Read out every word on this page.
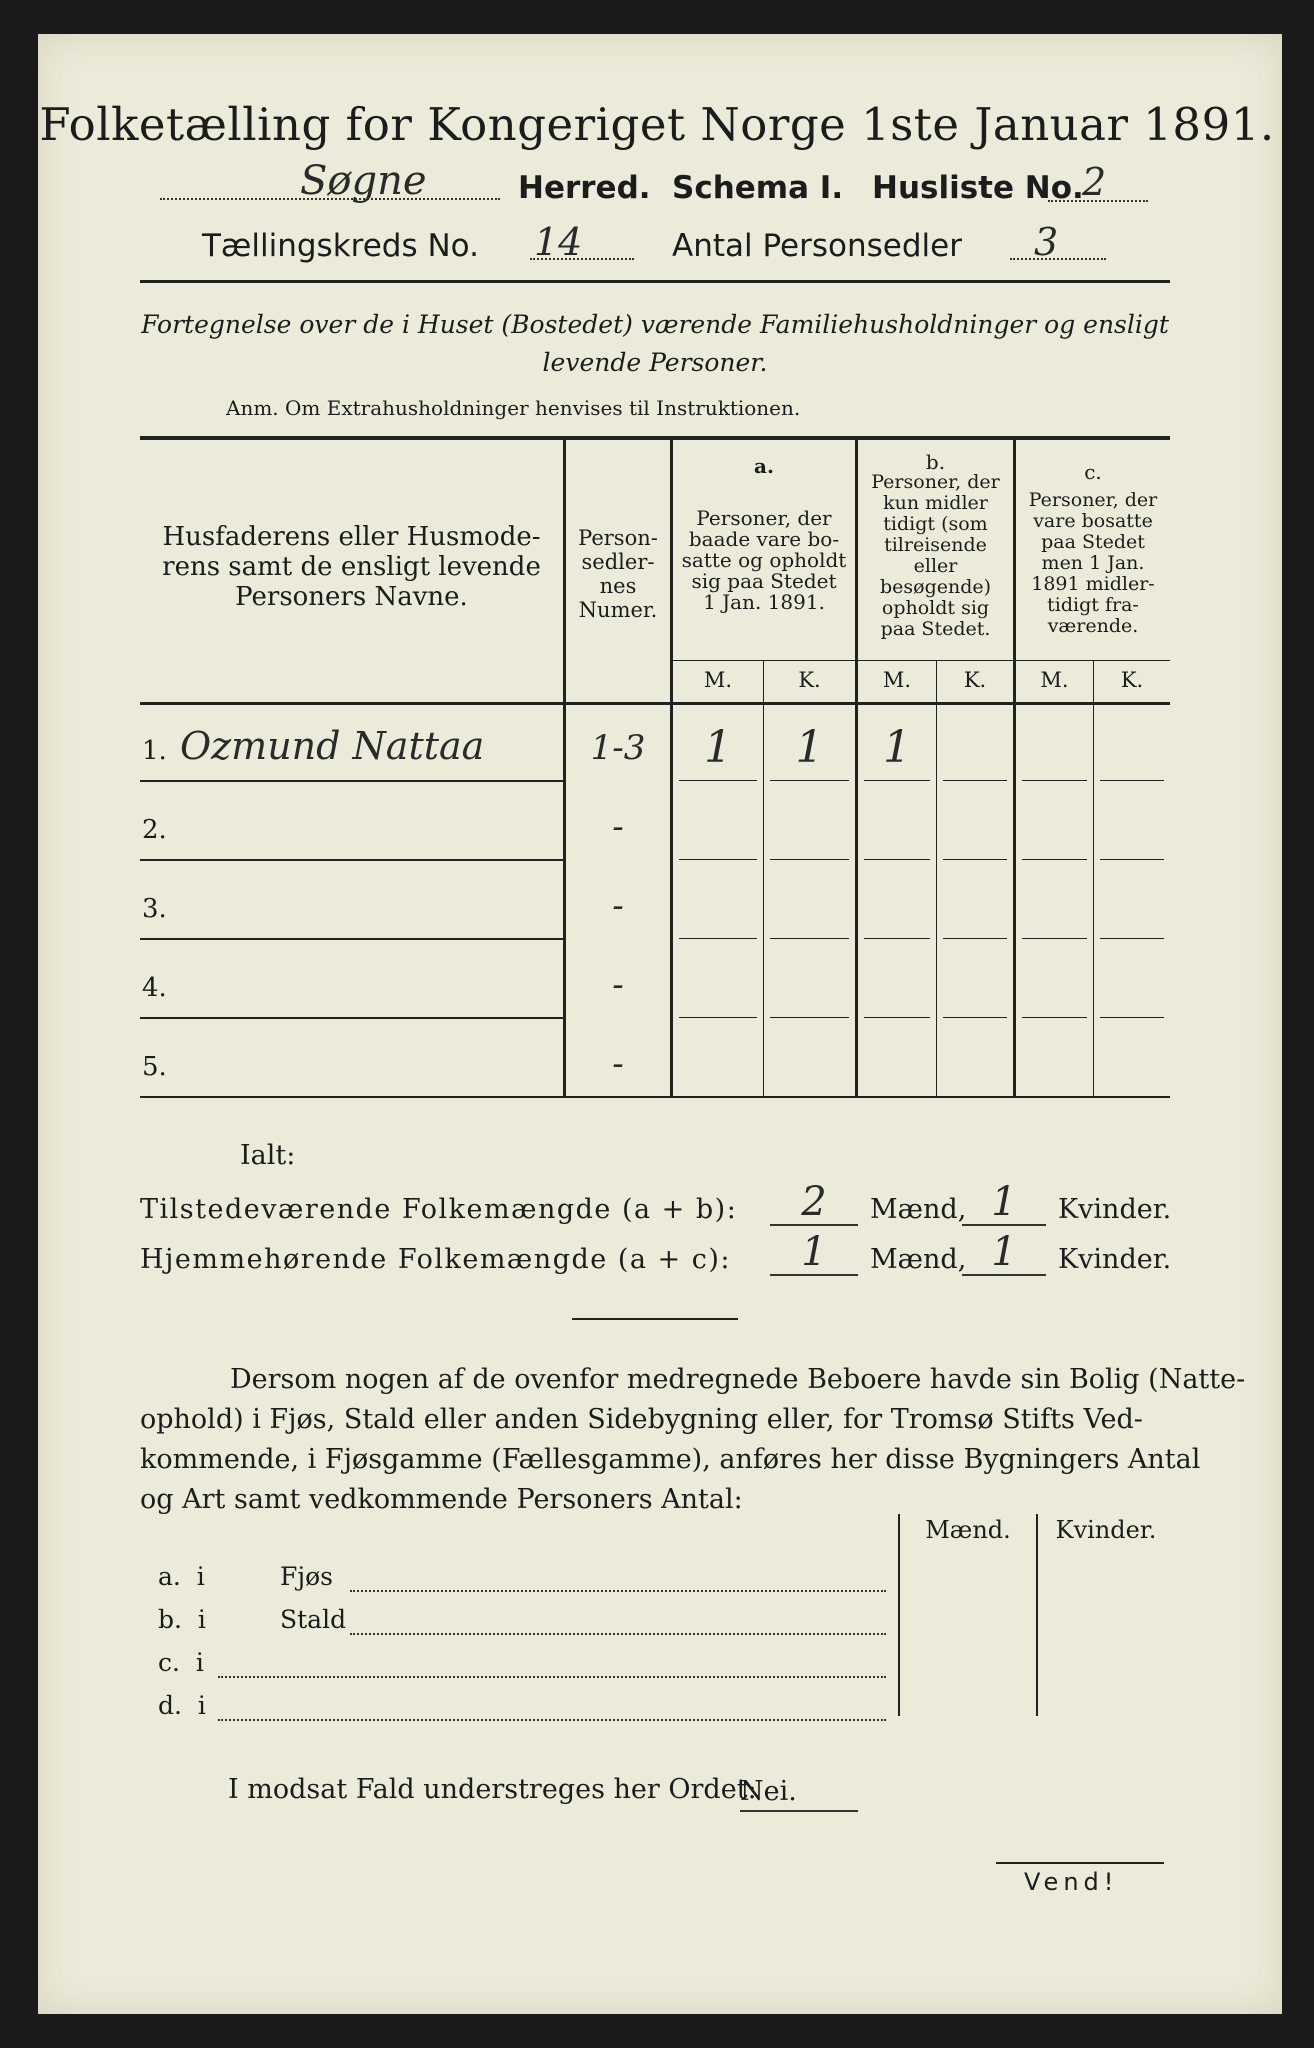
Folketælling for Kongeriget Norge 1ste Januar 1891.
Søgne	Herred. Schema I. Husliste No.
2
Tællingskreds No. 14	Antal Personsedler 3
Fortegnelse over de i Huset (Bostedet) værende Familiehusholdninger og ensligt
levende Personer.
Anm. Om Extrahusholdninger henvises til Instruktionen.
Husfaderens eller Husmode-
rens samt de ensligt levende
Personers Navne.
Person-
sedler-
nes
Numer.
a.
Personer, der
baade vare bo-
satte og opholdt
sig paa Stedet
1 Jan. 1891.
b.
Personer, der
kun midler
tidigt (som
tilreisende
eller
besøgende)
opholdt sig
paa Stedet.
c.
Personer, der
vare bosatte
paa Stedet
men 1 Jan.
1891 midler-
tidigt fra-
værende.
M.	K.	M.	K.	M.	K.
1. Ozmund Nattaa	1-3	1	1	1
2.	-
3.	-
4.	-
5.	-
Ialt:
Tilstedeværende Folkemængde (a + b):	2	Mænd, 1	Kvinder.
Hjemmehørende Folkemængde (a + c):	1	Mænd, 1	Kvinder.
Dersom nogen af de ovenfor medregnede Beboere havde sin Bolig (Natte-
ophold) i Fjøs, Stald eller anden Sidebygning eller, for Tromsø Stifts Ved-
kommende, i Fjøsgamme (Fællesgamme), anføres her disse Bygningers Antal
og Art samt vedkommende Personers Antal:
Mænd.	Kvinder.
a.  i	Fjøs
b.  i	Stald
c.  i
d.  i
I modsat Fald understreges her Ordet:
Nei.
Vend!
